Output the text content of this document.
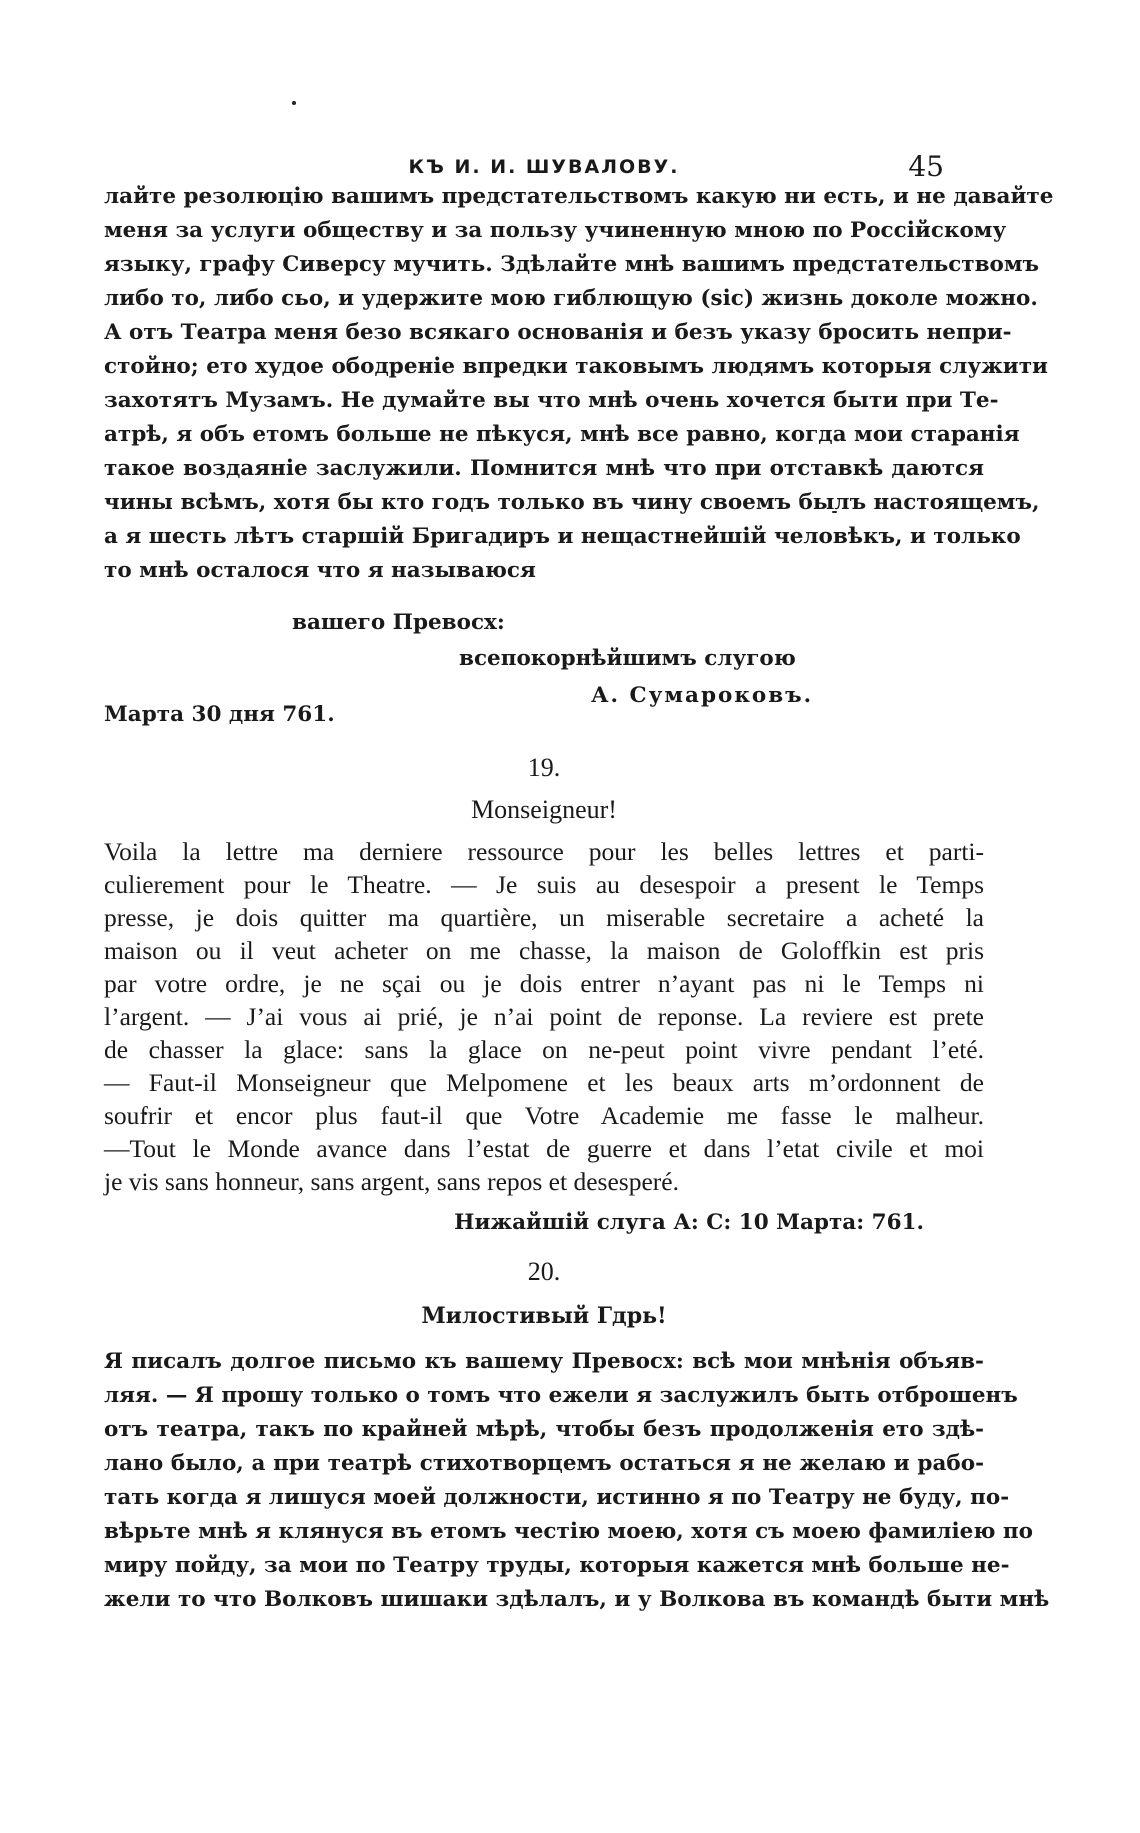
КЪ И. И. ШУВАЛОВУ.	45
лайте резолюцію вашимъ предстательствомъ какую ни есть, и не давайте
меня за услуги обществу и за пользу учиненную мною по Россійскому
языку, графу Сиверсу мучить. Здѣлайте мнѣ вашимъ предстательствомъ
либо то, либо сьо, и удержите мою гиблющую (sic) жизнь доколе можно.
А отъ Театра меня безо всякаго основанія и безъ указу бросить непри-
стойно; ето худое ободреніе впредки таковымъ людямъ которыя служити
захотятъ Музамъ. Не думайте вы что мнѣ очень хочется быти при Те-
атрѣ, я объ етомъ больше не пѣкуся, мнѣ все равно, когда мои старанія
такое воздаяніе заслужили. Помнится мнѣ что при отставкѣ даются
чины всѣмъ, хотя бы кто годъ только въ чину своемъ былъ настоящемъ,
а я шесть лѣтъ старшій Бригадиръ и нещастнейшій человѣкъ, и только
то мнѣ осталося что я называюся
вашего Превосх:
всепокорнѣйшимъ слугою
А. Сумароковъ.
Марта 30 дня 761.

19.

Monseigneur!

Voila la lettre ma derniere ressource pour les belles lettres et parti-
culierement pour le Theatre. — Je suis au desespoir a present le Temps
presse, je dois quitter ma quartière, un miserable secretaire a acheté la
maison ou il veut acheter on me chasse, la maison de Goloffkin est pris
par votre ordre, je ne sçai ou je dois entrer n’ayant pas ni le Temps ni
l’argent. — J’ai vous ai prié, je n’ai point de reponse. La reviere est prete
de chasser la glace: sans la glace on ne-peut point vivre pendant l’eté.
— Faut-il Monseigneur que Melpomene et les beaux arts m’ordonnent de
soufrir et encor plus faut-il que Votre Academie me fasse le malheur.
—Tout le Monde avance dans l’estat de guerre et dans l’etat civile et moi
je vis sans honneur, sans argent, sans repos et desesperé.

Нижайшій слуга А: С: 10 Марта: 761.

20.

Милостивый Гдрь!

Я писалъ долгое письмо къ вашему Превосх: всѣ мои мнѣнія объяв-
ляя. — Я прошу только о томъ что ежели я заслужилъ быть отброшенъ
отъ театра, такъ по крайней мѣрѣ, чтобы безъ продолженія ето здѣ-
лано было, а при театрѣ стихотворцемъ остаться я не желаю и рабо-
тать когда я лишуся моей должности, истинно я по Театру не буду, по-
вѣрьте мнѣ я клянуся въ етомъ честію моею, хотя съ моею фамиліею по
миру пойду, за мои по Театру труды, которыя кажется мнѣ больше не-
жели то что Волковъ шишаки здѣлалъ, и у Волкова въ командѣ быти мнѣ
